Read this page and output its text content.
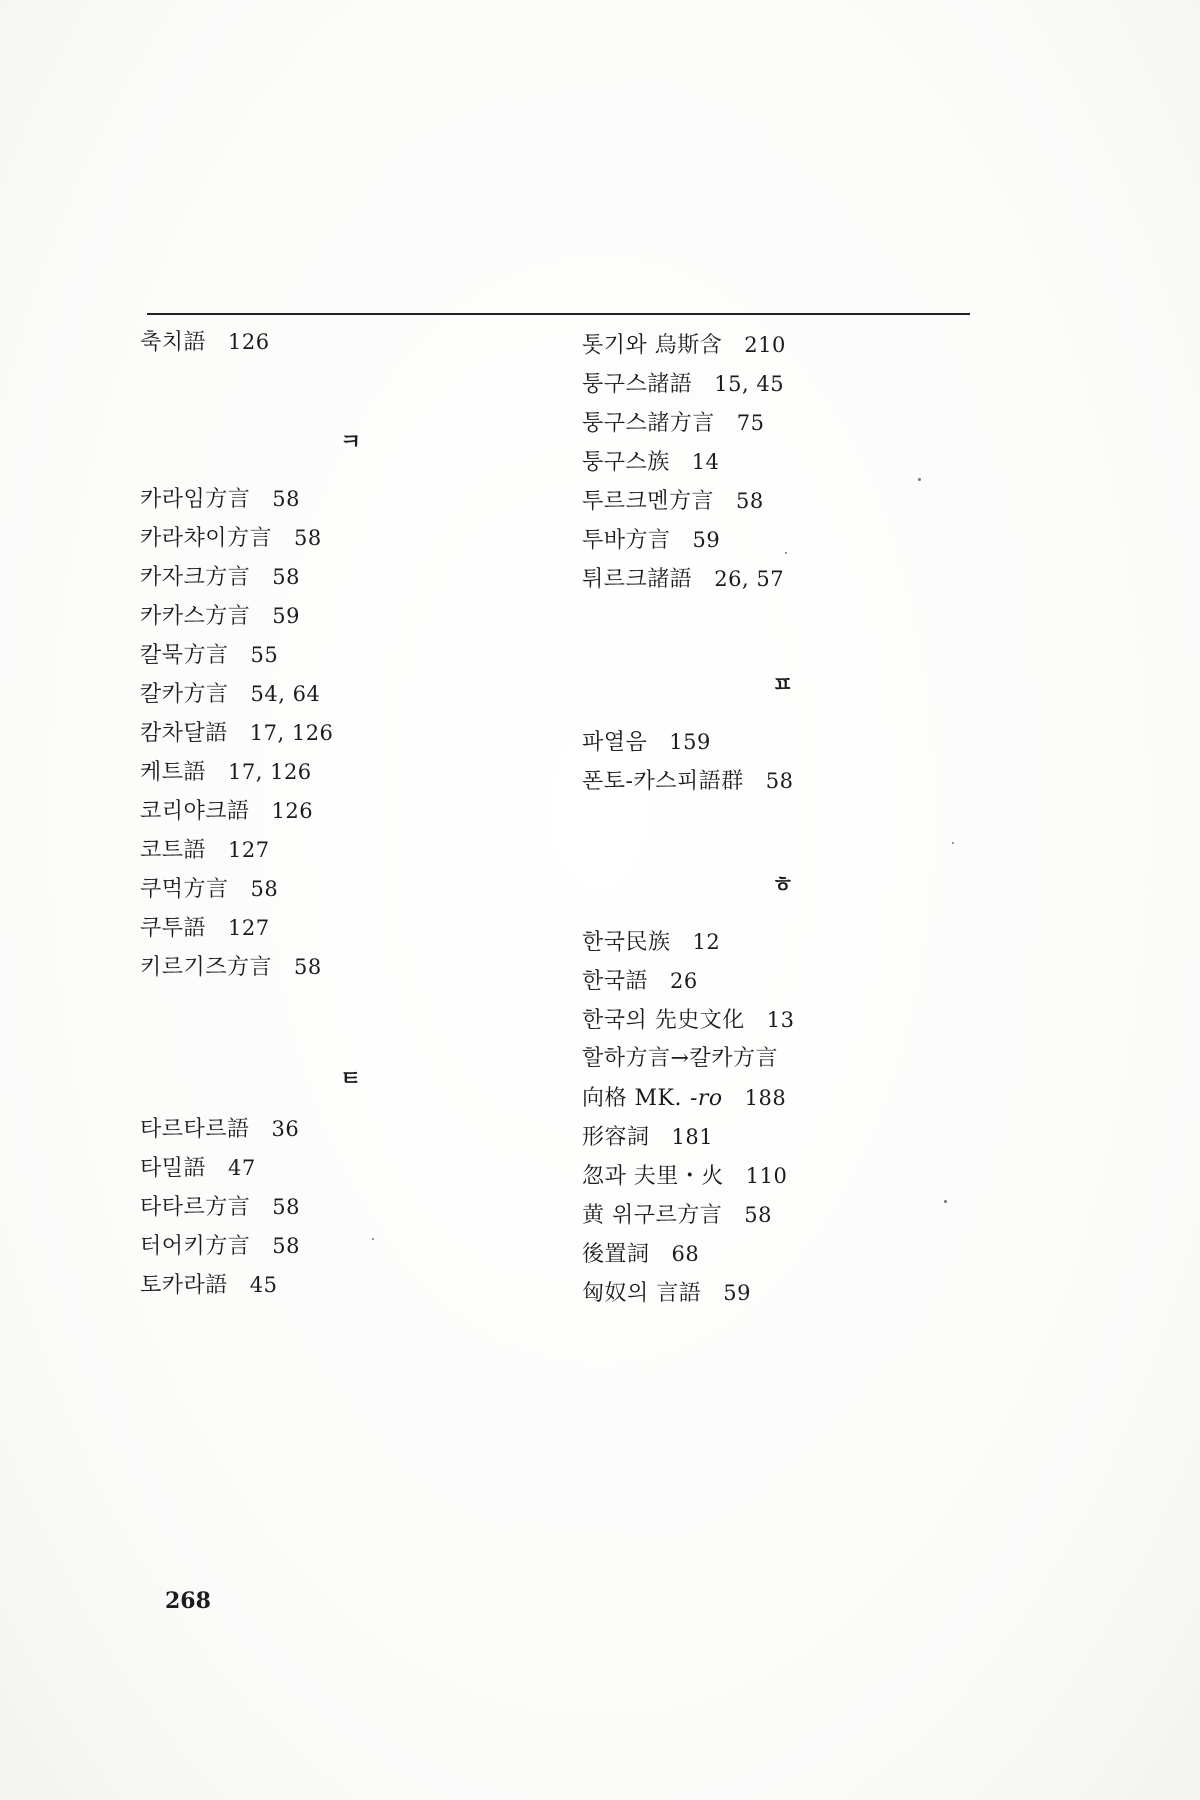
축치語 126
ㅋ
카라임方言 58
카라챠이方言 58
카자크方言 58
카카스方言 59
칼묵方言 55
칼카方言 54, 64
캄차달語 17, 126
케트語 17, 126
코리야크語 126
코트語 127
쿠먹方言 58
쿠투語 127
키르기즈方言 58
ㅌ
타르타르語 36
타밀語 47
타타르方言 58
터어키方言 58
토카라語 45
톳기와 烏斯含 210
퉁구스諸語 15, 45
퉁구스諸方言 75
퉁구스族 14
투르크멘方言 58
투바方言 59
튀르크諸語 26, 57
ㅍ
파열음 159
폰토-카스피語群 58
ㅎ
한국民族 12
한국語 26
한국의 先史文化 13
할하方言→칼카方言
向格 MK. -ro 188
形容詞 181
忽과 夫里・火 110
黄 위구르方言 58
後置詞 68
匈奴의 言語 59
268
